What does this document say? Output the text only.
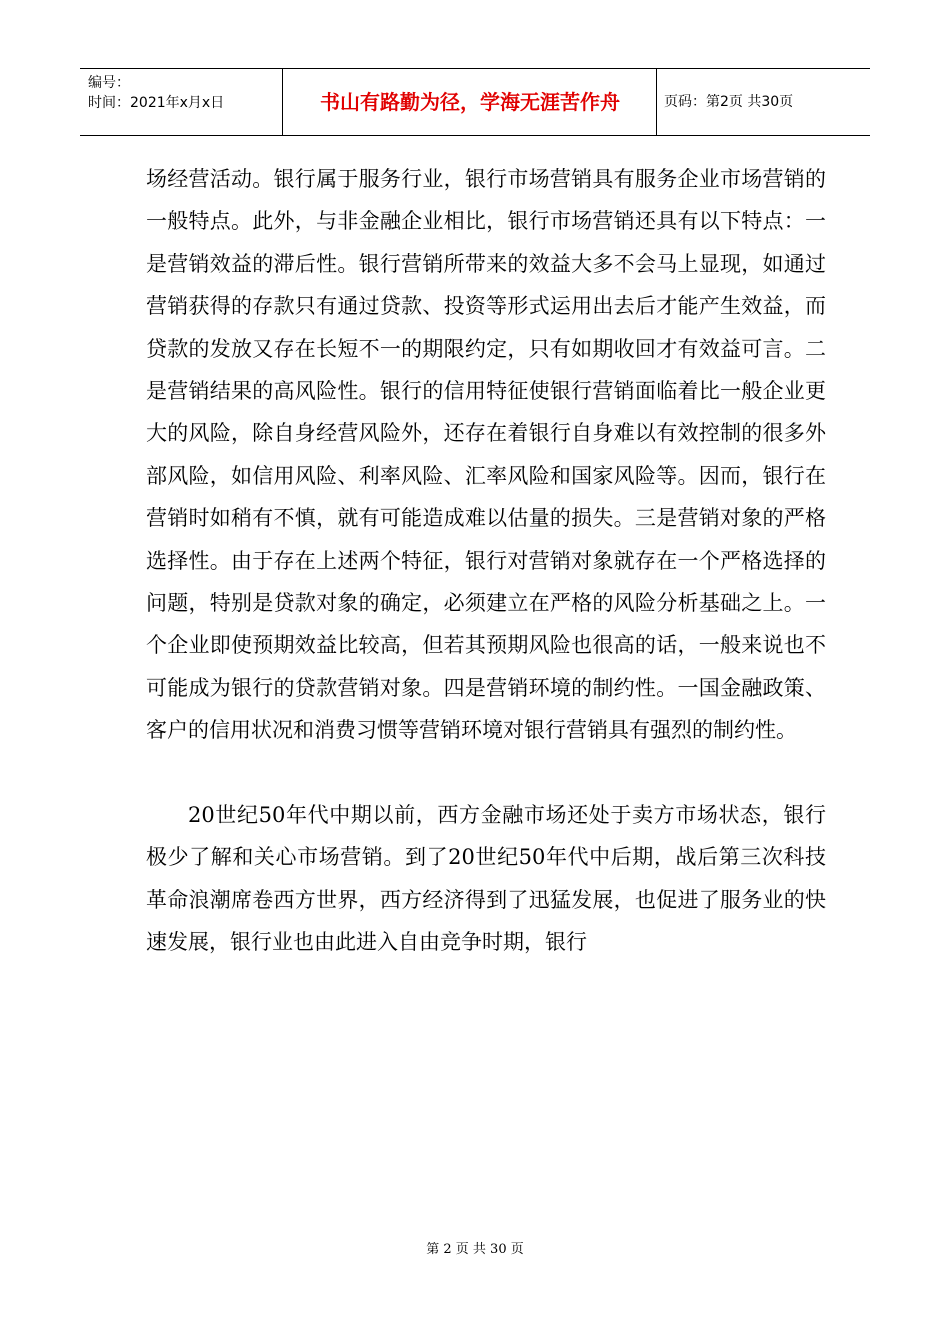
编号：
时间：2021年x月x日	书山有路勤为径，学海无涯苦作舟	页码：第2页 共30页

场经营活动。银行属于服务行业，银行市场营销具有服务企业市场营销的一般特点。此外，与非金融企业相比，银行市场营销还具有以下特点：一是营销效益的滞后性。银行营销所带来的效益大多不会马上显现，如通过营销获得的存款只有通过贷款、投资等形式运用出去后才能产生效益，而贷款的发放又存在长短不一的期限约定，只有如期收回才有效益可言。二是营销结果的高风险性。银行的信用特征使银行营销面临着比一般企业更大的风险，除自身经营风险外，还存在着银行自身难以有效控制的很多外部风险，如信用风险、利率风险、汇率风险和国家风险等。因而，银行在营销时如稍有不慎，就有可能造成难以估量的损失。三是营销对象的严格选择性。由于存在上述两个特征，银行对营销对象就存在一个严格选择的问题，特别是贷款对象的确定，必须建立在严格的风险分析基础之上。一个企业即使预期效益比较高，但若其预期风险也很高的话，一般来说也不可能成为银行的贷款营销对象。四是营销环境的制约性。一国金融政策、客户的信用状况和消费习惯等营销环境对银行营销具有强烈的制约性。

20世纪50年代中期以前，西方金融市场还处于卖方市场状态，银行极少了解和关心市场营销。到了20世纪50年代中后期，战后第三次科技革命浪潮席卷西方世界，西方经济得到了迅猛发展，也促进了服务业的快速发展，银行业也由此进入自由竞争时期，银行

第 2 页 共 30 页
